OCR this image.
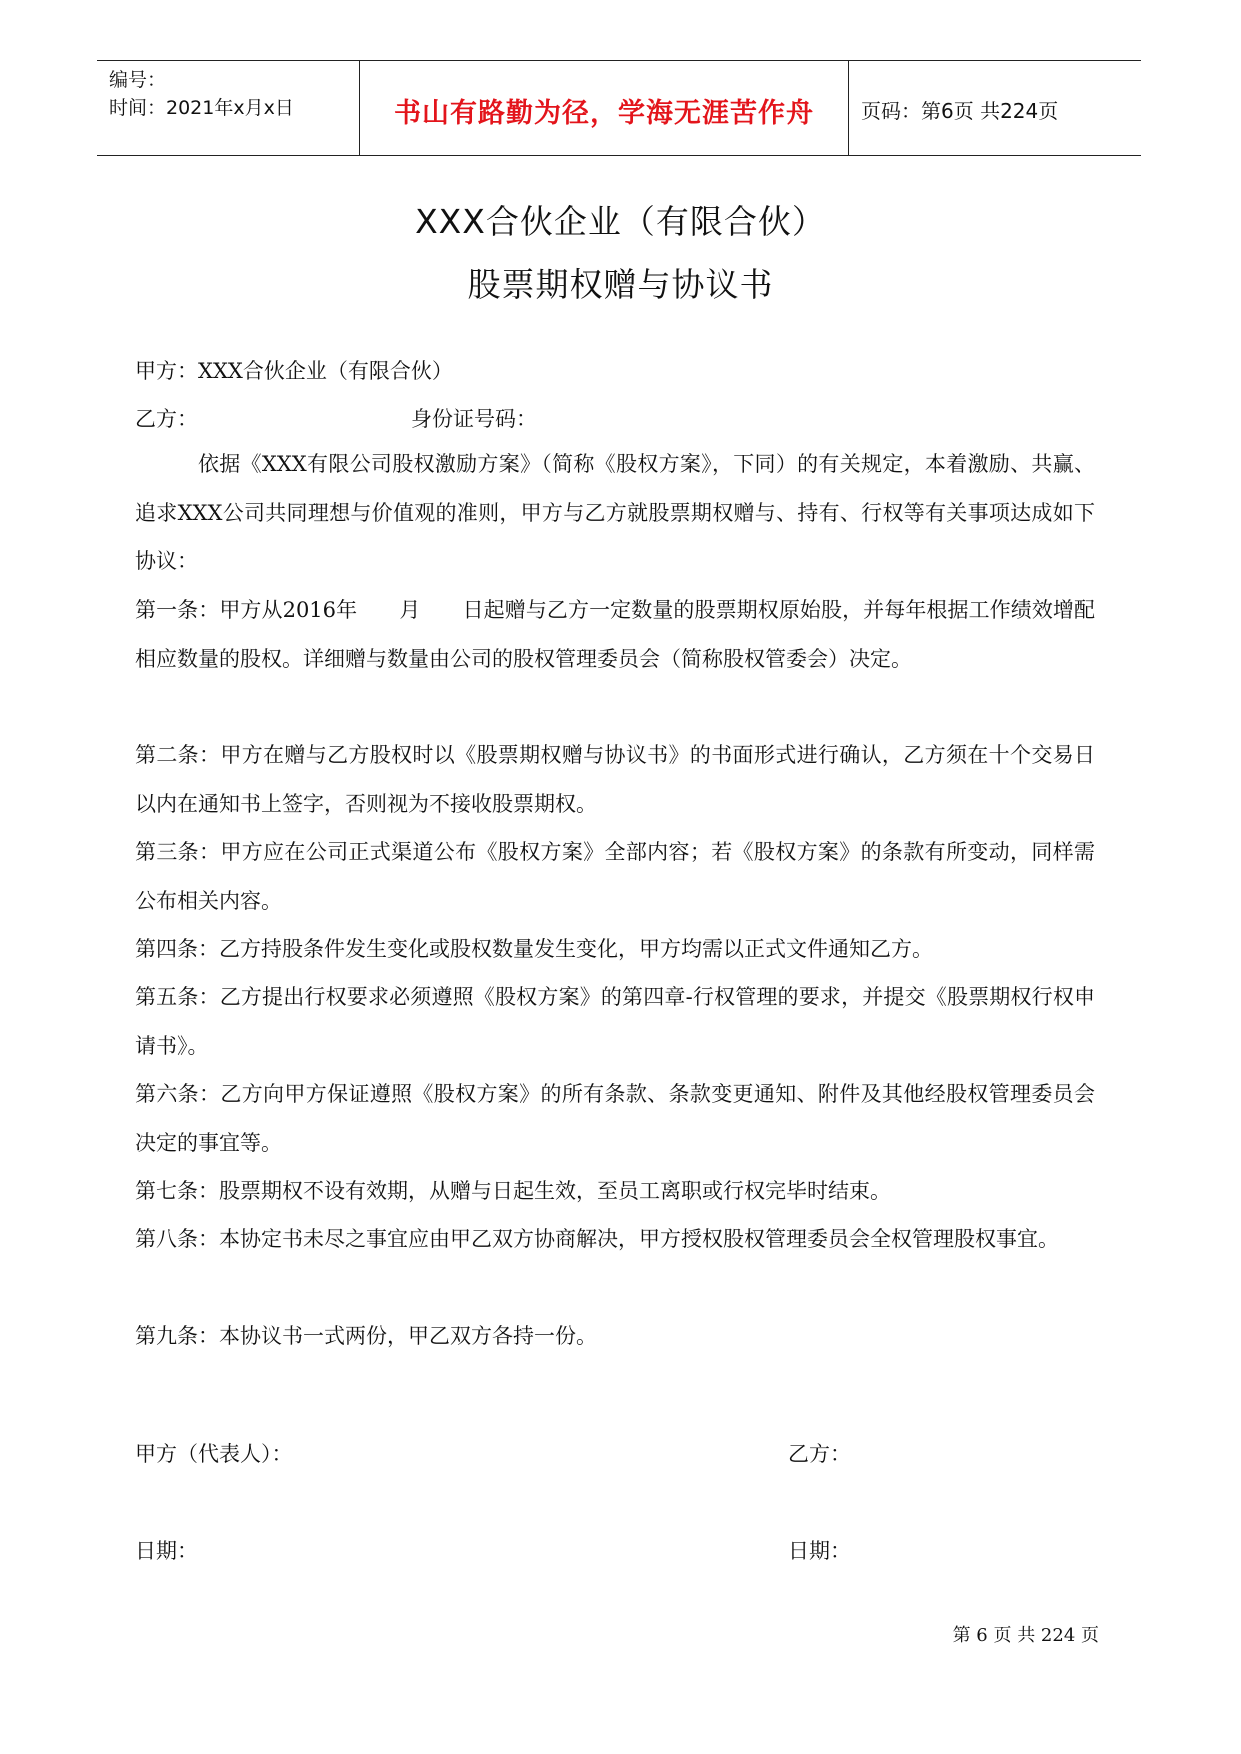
编号：
时间：2021年x月x日	书山有路勤为径，学海无涯苦作舟	页码：第6页 共224页
XXX合伙企业（有限合伙）
股票期权赠与协议书
甲方：XXX合伙企业（有限合伙）
乙方：	身份证号码：

依据《XXX有限公司股权激励方案》（简称《股权方案》，下同）的有关规定，本着激励、共赢、追求XXX公司共同理想与价值观的准则，甲方与乙方就股票期权赠与、持有、行权等有关事项达成如下协议：

第一条：甲方从2016年　　月　　日起赠与乙方一定数量的股票期权原始股，并每年根据工作绩效增配相应数量的股权。详细赠与数量由公司的股权管理委员会（简称股权管委会）决定。

第二条：甲方在赠与乙方股权时以《股票期权赠与协议书》的书面形式进行确认，乙方须在十个交易日以内在通知书上签字，否则视为不接收股票期权。

第三条：甲方应在公司正式渠道公布《股权方案》全部内容；若《股权方案》的条款有所变动，同样需公布相关内容。

第四条：乙方持股条件发生变化或股权数量发生变化，甲方均需以正式文件通知乙方。

第五条：乙方提出行权要求必须遵照《股权方案》的第四章-行权管理的要求，并提交《股票期权行权申请书》。

第六条：乙方向甲方保证遵照《股权方案》的所有条款、条款变更通知、附件及其他经股权管理委员会决定的事宜等。

第七条：股票期权不设有效期，从赠与日起生效，至员工离职或行权完毕时结束。

第八条：本协定书未尽之事宜应由甲乙双方协商解决，甲方授权股权管理委员会全权管理股权事宜。

第九条：本协议书一式两份，甲乙双方各持一份。

甲方（代表人）：	乙方：
日期：	日期：
第 6 页 共 224 页
